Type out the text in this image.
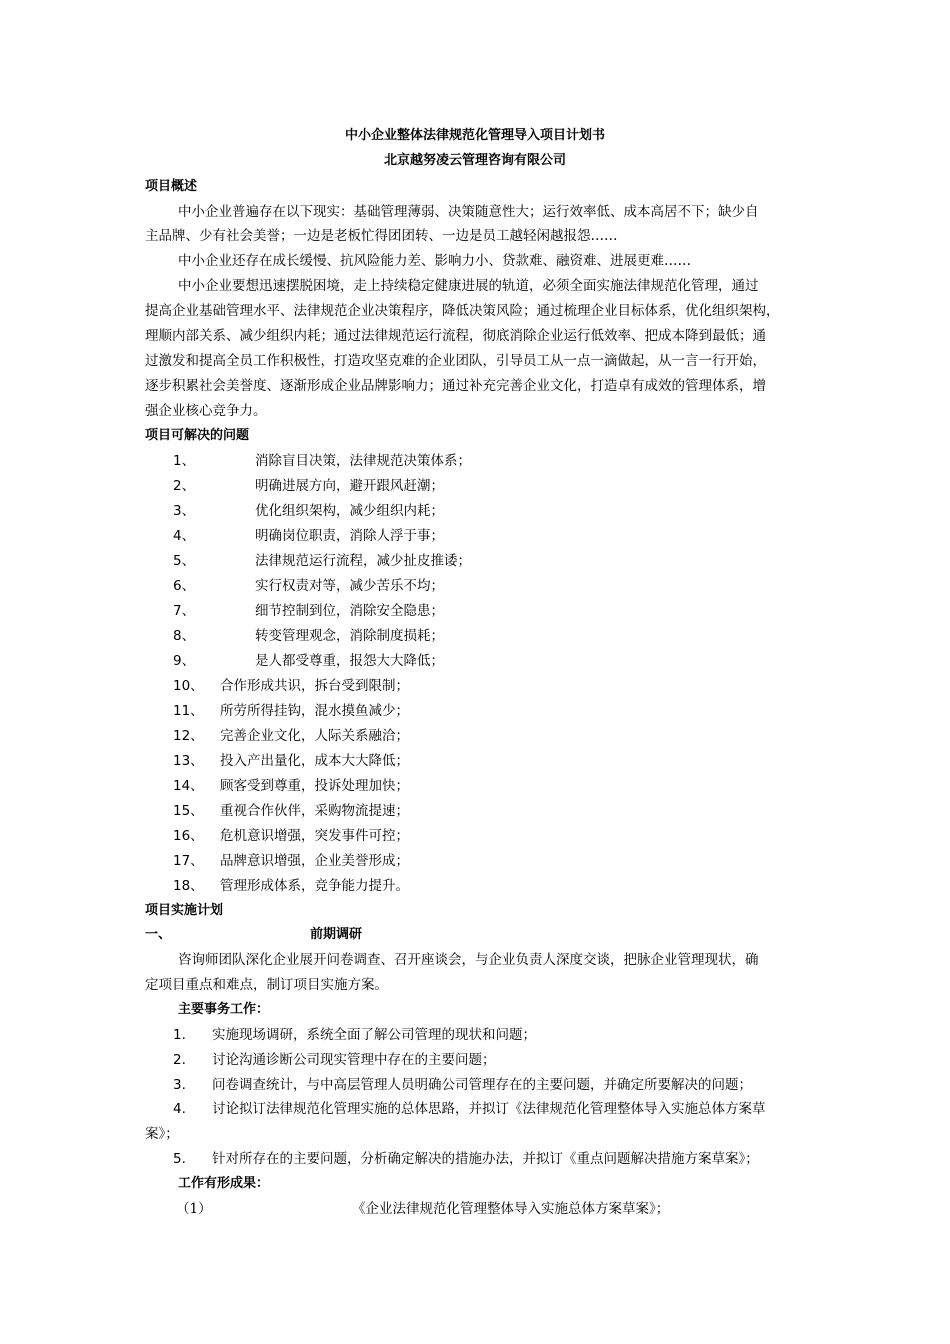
中小企业整体法律规范化管理导入项目计划书
北京越努凌云管理咨询有限公司
项目概述
中小企业普遍存在以下现实：基础管理薄弱、决策随意性大；运行效率低、成本高居不下；缺少自
主品牌、少有社会美誉；一边是老板忙得团团转、一边是员工越轻闲越报怨……
中小企业还存在成长缓慢、抗风险能力差、影响力小、贷款难、融资难、进展更难……
中小企业要想迅速摆脱困境，走上持续稳定健康进展的轨道，必须全面实施法律规范化管理，通过
提高企业基础管理水平、法律规范企业决策程序，降低决策风险；通过梳理企业目标体系，优化组织架构，
理顺内部关系、减少组织内耗；通过法律规范运行流程，彻底消除企业运行低效率、把成本降到最低；通
过激发和提高全员工作积极性，打造攻坚克难的企业团队，引导员工从一点一滴做起，从一言一行开始，
逐步积累社会美誉度、逐渐形成企业品牌影响力；通过补充完善企业文化，打造卓有成效的管理体系，增
强企业核心竞争力。
项目可解决的问题
1、	消除盲目决策，法律规范决策体系；
2、	明确进展方向，避开跟风赶潮；
3、	优化组织架构，减少组织内耗；
4、	明确岗位职责，消除人浮于事；
5、	法律规范运行流程，减少扯皮推诿；
6、	实行权责对等，减少苦乐不均；
7、	细节控制到位，消除安全隐患；
8、	转变管理观念，消除制度损耗；
9、	是人都受尊重，报怨大大降低；
10、 合作形成共识，拆台受到限制；
11、 所劳所得挂钩，混水摸鱼减少；
12、 完善企业文化，人际关系融洽；
13、 投入产出量化，成本大大降低；
14、 顾客受到尊重，投诉处理加快；
15、 重视合作伙伴，采购物流提速；
16、 危机意识增强，突发事件可控；
17、 品牌意识增强，企业美誉形成；
18、 管理形成体系，竞争能力提升。
项目实施计划
一、	前期调研
咨询师团队深化企业展开问卷调查、召开座谈会，与企业负责人深度交谈，把脉企业管理现状，确
定项目重点和难点，制订项目实施方案。
主要事务工作：
1. 实施现场调研，系统全面了解公司管理的现状和问题；
2. 讨论沟通诊断公司现实管理中存在的主要问题；
3. 问卷调查统计，与中高层管理人员明确公司管理存在的主要问题，并确定所要解决的问题；
4. 讨论拟订法律规范化管理实施的总体思路，并拟订《法律规范化管理整体导入实施总体方案草
案》；
5. 针对所存在的主要问题，分析确定解决的措施办法，并拟订《重点问题解决措施方案草案》；
工作有形成果：
（1）	《企业法律规范化管理整体导入实施总体方案草案》；
